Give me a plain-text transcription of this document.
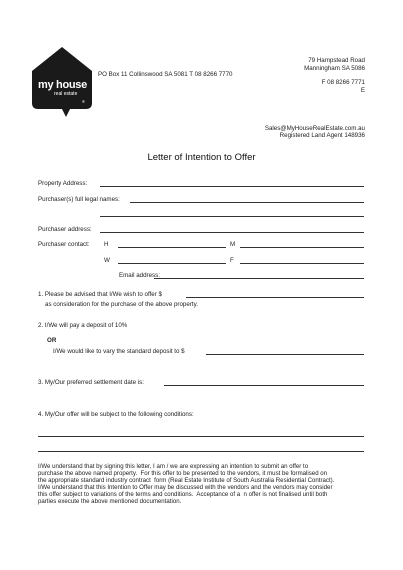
my house
real estate
®
PO Box 11 Collinswood SA 5081 T 08 8266 7770
79 Hampstead Road
Manningham SA 5086
F 08 8266 7771
E
Sales@MyHouseRealEstate.com.au
Registered Land Agent 148936
Letter of Intention to Offer
Property Address:
Purchaser(s) full legal names:
Purchaser address:
Purchaser contact: H	M
W	F
Email address:
1. Please be advised that I/We wish to offer $
as consideration for the purchase of the above property.
2. I/We will pay a deposit of 10%
OR
I/We would like to vary the standard deposit to $
3. My/Our preferred settlement date is:
4. My/Our offer will be subject to the following conditions:
I/We understand that by signing this letter, I am / we are expressing an intention to submit an offer to
purchase the above named property.  For this offer to be presented to the vendors, it must be formalised on
the appropriate standard industry contract  form (Real Estate Institute of South Australia Residential Contract).
I/We understand that this Intention to Offer may be discussed with the vendors and the vendors may consider
this offer subject to variations of the terms and conditions.  Acceptance of a  n offer is not finalised until both
parties execute the above mentioned documentation.
